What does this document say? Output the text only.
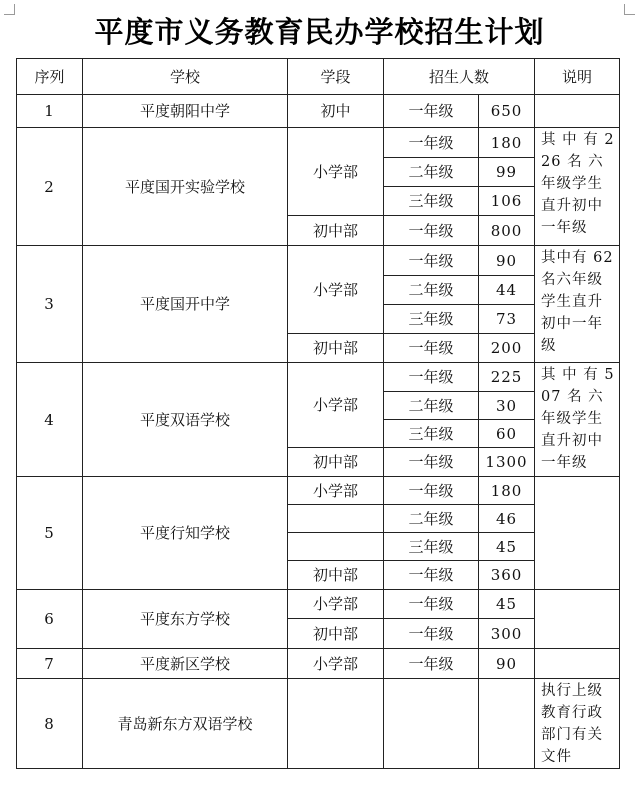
平度市义务教育民办学校招生计划
序列	学校	学段	招生人数		说明
1	平度朝阳中学	初中	一年级	650	
2	平度国开实验学校	小学部	一年级	180	其 中 有 226 名 六 年级学生直升初中一年级
			二年级	99	
			三年级	106	
		初中部	一年级	800	
3	平度国开中学	小学部	一年级	90	其中有 62 名六年级学生直升初中一年级
			二年级	44	
			三年级	73	
		初中部	一年级	200	
4	平度双语学校	小学部	一年级	225	其 中 有 507 名 六 年级学生直升初中一年级
			二年级	30	
			三年级	60	
		初中部	一年级	1300	
5	平度行知学校	小学部	一年级	180	
			二年级	46	
			三年级	45	
		初中部	一年级	360	
6	平度东方学校	小学部	一年级	45	
		初中部	一年级	300	
7	平度新区学校	小学部	一年级	90	
8	青岛新东方双语学校				执行上级教育行政部门有关文件
